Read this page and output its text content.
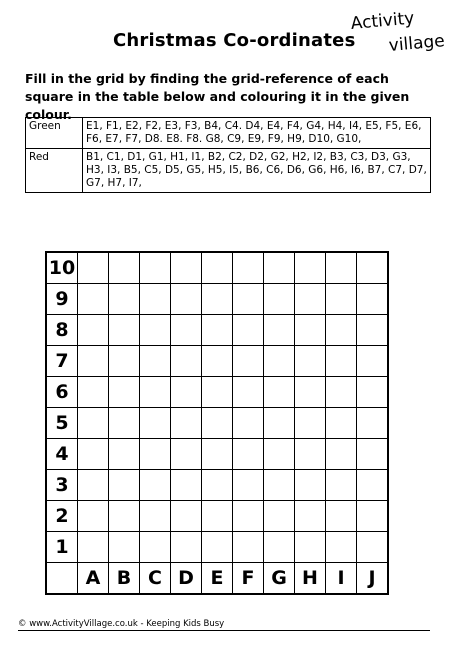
Christmas Co-ordinates
Activity
village
Fill in the grid by finding the grid-reference of each square in the table below and colouring it in the given colour.
Green	E1, F1, E2, F2, E3, F3, B4, C4. D4, E4, F4, G4, H4, I4, E5, F5, E6, F6, E7, F7, D8. E8. F8. G8, C9, E9, F9, H9, D10, G10,
Red	B1, C1, D1, G1, H1, I1, B2, C2, D2, G2, H2, I2, B3, C3, D3, G3, H3, I3, B5, C5, D5, G5, H5, I5, B6, C6, D6, G6, H6, I6, B7, C7, D7, G7, H7, I7,
10										
9										
8										
7										
6										
5										
4										
3										
2										
1										
	A	B	C	D	E	F	G	H	I	J
© www.ActivityVillage.co.uk - Keeping Kids Busy
